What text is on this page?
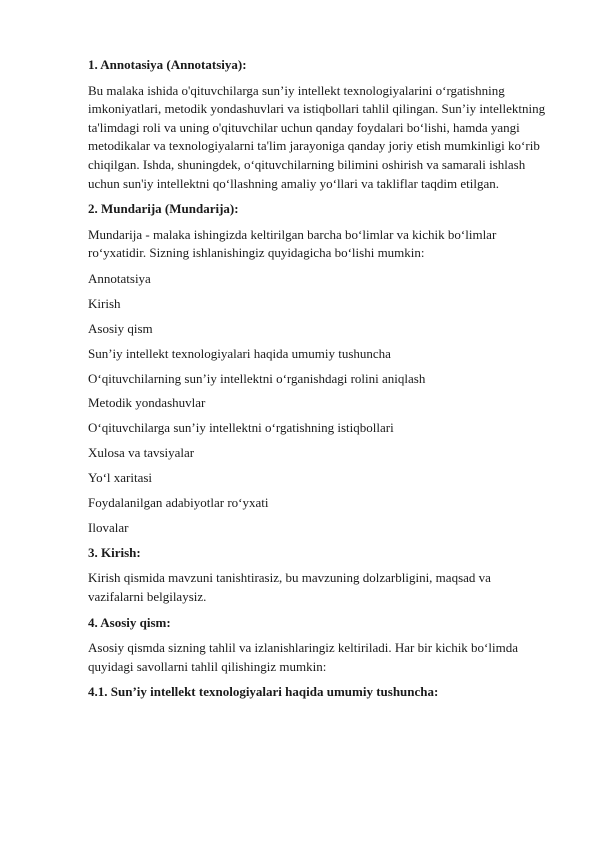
1. Annotasiya (Annotatsiya):
Bu malaka ishida o'qituvchilarga sun’iy intellekt texnologiyalarini o‘rgatishning imkoniyatlari, metodik yondashuvlari va istiqbollari tahlil qilingan. Sun’iy intellektning ta'limdagi roli va uning o'qituvchilar uchun qanday foydalari bo‘lishi, hamda yangi metodikalar va texnologiyalarni ta'lim jarayoniga qanday joriy etish mumkinligi ko‘rib chiqilgan. Ishda, shuningdek, o‘qituvchilarning bilimini oshirish va samarali ishlash uchun sun'iy intellektni qo‘llashning amaliy yo‘llari va takliflar taqdim etilgan.
2. Mundarija (Mundarija):
Mundarija - malaka ishingizda keltirilgan barcha bo‘limlar va kichik bo‘limlar ro‘yxatidir. Sizning ishlanishingiz quyidagicha bo‘lishi mumkin:
Annotatsiya
Kirish
Asosiy qism
Sun’iy intellekt texnologiyalari haqida umumiy tushuncha
O‘qituvchilarning sun’iy intellektni o‘rganishdagi rolini aniqlash
Metodik yondashuvlar
O‘qituvchilarga sun’iy intellektni o‘rgatishning istiqbollari
Xulosa va tavsiyalar
Yo‘l xaritasi
Foydalanilgan adabiyotlar ro‘yxati
Ilovalar
3. Kirish:
Kirish qismida mavzuni tanishtirasiz, bu mavzuning dolzarbligini, maqsad va vazifalarni belgilaysiz.
4. Asosiy qism:
Asosiy qismda sizning tahlil va izlanishlaringiz keltiriladi. Har bir kichik bo‘limda quyidagi savollarni tahlil qilishingiz mumkin:
4.1. Sun’iy intellekt texnologiyalari haqida umumiy tushuncha:
